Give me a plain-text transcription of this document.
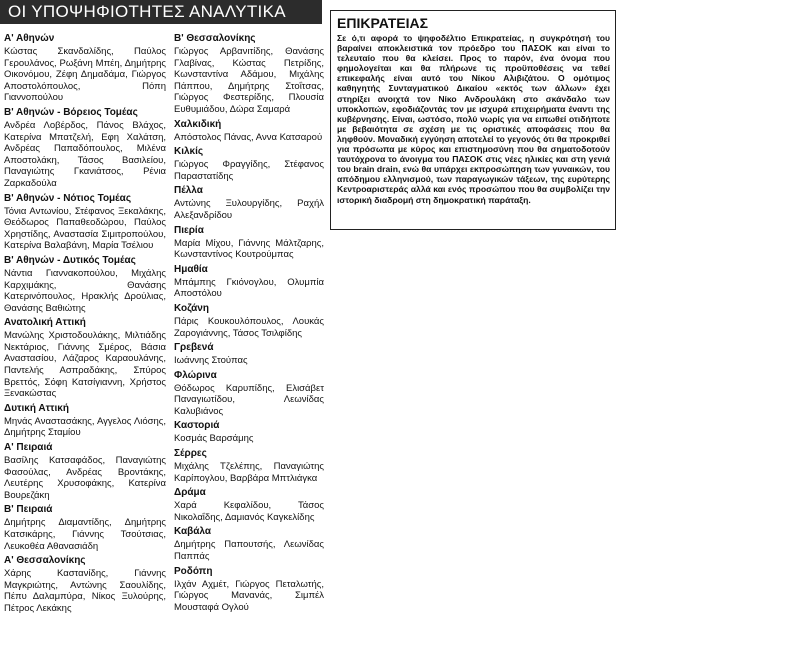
ΟΙ ΥΠΟΨΗΦΙΟΤΗΤΕΣ ΑΝΑΛΥΤΙΚΑ
Α' Αθηνών

Κώστας Σκανδαλίδης, Παύλος Γερουλάνος, Ρωξάνη Μπέη, Δημήτρης Οικονόμου, Ζέφη Δημαδάμα, Γιώργος Αποστολόπουλος, Πόπη Γιαννοπούλου

Β' Αθηνών - Βόρειος Τομέας

Ανδρέα Λοβέρδος, Πάνος Βλάχος, Κατερίνα Μπατζελή, Εφη Χαλάτση, Ανδρέας Παπαδόπουλος, Μιλένα Αποστολάκη, Τάσος Βασιλείου, Παναγιώτης Γκανιάτσος, Ρένια Ζαρκαδούλα

Β' Αθηνών - Νότιος Τομέας

Τόνια Αντωνίου, Στέφανος Ξεκαλάκης, Θεόδωρος Παπαθεοδώρου, Παύλος Χρηστίδης, Αναστασία Σιμιτροπούλου, Κατερίνα Βαλαβάνη, Μαρία Τσέλιου

Β' Αθηνών - Δυτικός Τομέας

Νάντια Γιαννακοπούλου, Μιχάλης Καρχιμάκης, Θανάσης Κατερινόπουλος, Ηρακλής Δρούλιας, Θανάσης Βαθιώτης

Ανατολική Αττική

Μανώλης Χριστοδουλάκης, Μιλτιάδης Νεκτάριος, Γιάννης Σμέρος, Βάσια Αναστασίου, Λάζαρος Καραουλάνης, Παντελής Ασπραδάκης, Σπύρος Βρεττός, Σόφη Κατσίγιαννη, Χρήστος Ξενακώστας

Δυτική Αττική

Μηνάς Αναστασάκης, Αγγελος Λιόσης, Δημήτρης Σταμίου

Α' Πειραιά

Βασίλης Κατσαφάδος, Παναγιώτης Φασούλας, Ανδρέας Βροντάκης, Λευτέρης Χρυσοφάκης, Κατερίνα Βουρεζάκη

Β' Πειραιά

Δημήτρης Διαμαντίδης, Δημήτρης Κατσικάρης, Γιάννης Τσούτσιας, Λευκοθέα Αθανασιάδη

Α' Θεσσαλονίκης

Χάρης Καστανίδης, Γιάννης Μαγκριώτης, Αντώνης Σαουλίδης, Πέπυ Δαλαμπύρα, Νίκος Ξυλούρης, Πέτρος Λεκάκης

Β' Θεσσαλονίκης

Γιώργος Αρβανιτίδης, Θανάσης Γλαβίνας, Κώστας Πετρίδης, Κωνσταντίνα Αδάμου, Μιχάλης Πάππου, Δημήτρης Στοΐτσας, Γιώργος Φεστερίδης, Πλουσία Ευθυμιάδου, Δώρα Σαμαρά

Χαλκιδική

Απόστολος Πάνας, Αννα Κατσαρού

Κιλκίς

Γιώργος Φραγγίδης, Στέφανος Παραστατίδης

Πέλλα

Αντώνης Ξυλουργίδης, Ραχήλ Αλεξανδρίδου

Πιερία

Μαρία Μίχου, Γιάννης Μάλτζαρης, Κωνσταντίνος Κουτρούμπας

Ημαθία

Μπάμπης Γκιόνογλου, Ολυμπία Αποστόλου

Κοζάνη

Πάρις Κουκουλόπουλος, Λουκάς Ζαρογιάννης, Τάσος Τσιλφίδης

Γρεβενά

Ιωάννης Στούπας

Φλώρινα

Θόδωρος Καρυπίδης, Ελισάβετ Παναγιωτίδου, Λεωνίδας Καλυβιάνος

Καστοριά

Κοσμάς Βαρσάμης

Σέρρες

Μιχάλης Τζελέπης, Παναγιώτης Καρίπογλου, Βαρβάρα Μπτλιάγκα

Δράμα

Χαρά Κεφαλίδου, Τάσος Νικολαΐδης, Δαμιανός Καγκελίδης

Καβάλα

Δημήτρης Παπουτσής, Λεωνίδας Παππάς

Ροδόπη

Ιλχάν Αχμέτ, Γιώργος Πεταλωτής, Γιώργος Μανανάς, Σιμπέλ Μουσταφά Ογλού

ΕΠΙΚΡΑΤΕΙΑΣ

Σε ό,τι αφορά το ψηφοδέλτιο Επικρατείας, η συγκρότησή του βαραίνει αποκλειστικά τον πρόεδρο του ΠΑΣΟΚ και είναι το τελευταίο που θα κλείσει. Προς το παρόν, ένα όνομα που φημολογείται και θα πλήρωνε τις προϋποθέσεις να τεθεί επικεφαλής είναι αυτό του Νίκου Αλιβιζάτου. Ο ομότιμος καθηγητής Συνταγματικού Δικαίου «εκτός των άλλων» έχει στηρίξει ανοιχτά τον Νίκο Ανδρουλάκη στο σκάνδαλο των υποκλοπών, εφοδιάζοντάς τον με ισχυρά επιχειρήματα έναντι της κυβέρνησης. Είναι, ωστόσο, πολύ νωρίς για να ειπωθεί οτιδήποτε με βεβαιότητα σε σχέση με τις οριστικές αποφάσεις που θα ληφθούν. Μοναδική εγγύηση αποτελεί το γεγονός ότι θα προκριθεί για πρόσωπα με κύρος και επιστημοσύνη που θα σηματοδοτούν ταυτόχρονα το άνοιγμα του ΠΑΣΟΚ στις νέες ηλικίες και στη γενιά του brain drain, ενώ θα υπάρχει εκπροσώπηση των γυναικών, του απόδημου ελληνισμού, των παραγωγικών τάξεων, της ευρύτερης Κεντροαριστεράς αλλά και ενός προσώπου που θα συμβολίζει την ιστορική διαδρομή στη δημοκρατική παράταξη.
